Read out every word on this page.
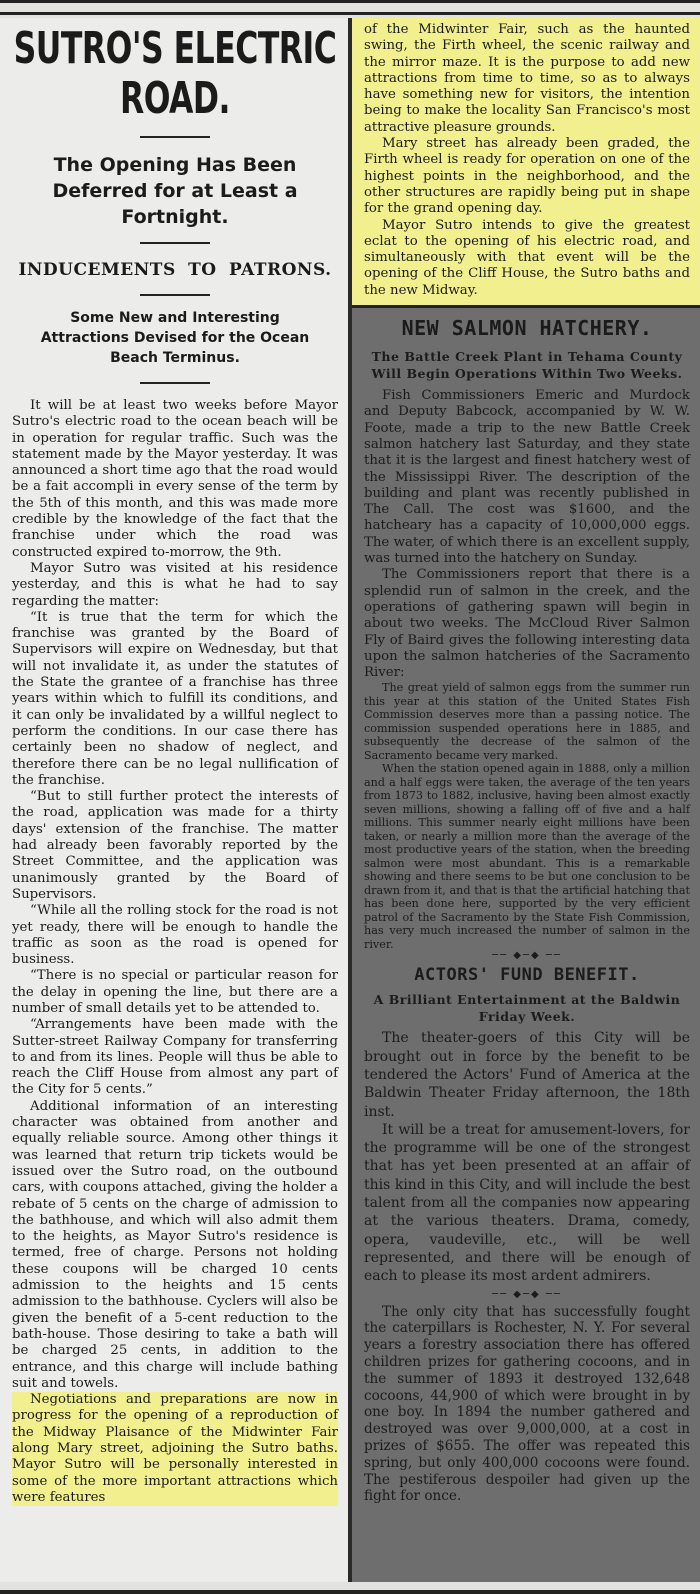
SUTRO'S ELECTRIC ROAD.
The Opening Has Been Deferred for at Least a Fortnight.
INDUCEMENTS TO PATRONS.
Some New and Interesting Attractions Devised for the Ocean Beach Terminus.

It will be at least two weeks before Mayor Sutro's electric road to the ocean beach will be in operation for regular traffic. Such was the statement made by the Mayor yesterday. It was announced a short time ago that the road would be a fait accompli in every sense of the term by the 5th of this month, and this was made more credible by the knowledge of the fact that the franchise under which the road was constructed expired to-morrow, the 9th.

Mayor Sutro was visited at his residence yesterday, and this is what he had to say regarding the matter:

“It is true that the term for which the franchise was granted by the Board of Supervisors will expire on Wednesday, but that will not invalidate it, as under the statutes of the State the grantee of a franchise has three years within which to fulfill its conditions, and it can only be invalidated by a willful neglect to perform the conditions. In our case there has certainly been no shadow of neglect, and therefore there can be no legal nullification of the franchise.

“But to still further protect the interests of the road, application was made for a thirty days' extension of the franchise. The matter had already been favorably reported by the Street Committee, and the application was unanimously granted by the Board of Supervisors.

“While all the rolling stock for the road is not yet ready, there will be enough to handle the traffic as soon as the road is opened for business.

“There is no special or particular reason for the delay in opening the line, but there are a number of small details yet to be attended to.

“Arrangements have been made with the Sutter-street Railway Company for transferring to and from its lines. People will thus be able to reach the Cliff House from almost any part of the City for 5 cents.”

Additional information of an interesting character was obtained from another and equally reliable source. Among other things it was learned that return trip tickets would be issued over the Sutro road, on the outbound cars, with coupons attached, giving the holder a rebate of 5 cents on the charge of admission to the bathhouse, and which will also admit them to the heights, as Mayor Sutro's residence is termed, free of charge. Persons not holding these coupons will be charged 10 cents admission to the heights and 15 cents admission to the bathhouse. Cyclers will also be given the benefit of a 5-cent reduction to the bath-house. Those desiring to take a bath will be charged 25 cents, in addition to the entrance, and this charge will include bathing suit and towels.

Negotiations and preparations are now in progress for the opening of a reproduction of the Midway Plaisance of the Midwinter Fair along Mary street, adjoining the Sutro baths. Mayor Sutro will be personally interested in some of the more important attractions which were features

of the Midwinter Fair, such as the haunted swing, the Firth wheel, the scenic railway and the mirror maze. It is the purpose to add new attractions from time to time, so as to always have something new for visitors, the intention being to make the locality San Francisco's most attractive pleasure grounds.

Mary street has already been graded, the Firth wheel is ready for operation on one of the highest points in the neighborhood, and the other structures are rapidly being put in shape for the grand opening day.

Mayor Sutro intends to give the greatest eclat to the opening of his electric road, and simultaneously with that event will be the opening of the Cliff House, the Sutro baths and the new Midway.

NEW SALMON HATCHERY.
The Battle Creek Plant in Tehama County Will Begin Operations Within Two Weeks.

Fish Commissioners Emeric and Murdock and Deputy Babcock, accompanied by W. W. Foote, made a trip to the new Battle Creek salmon hatchery last Saturday, and they state that it is the largest and finest hatchery west of the Mississippi River. The description of the building and plant was recently published in The Call. The cost was $1600, and the hatcheary has a capacity of 10,000,000 eggs. The water, of which there is an excellent supply, was turned into the hatchery on Sunday.

The Commissioners report that there is a splendid run of salmon in the creek, and the operations of gathering spawn will begin in about two weeks. The McCloud River Salmon Fly of Baird gives the following interesting data upon the salmon hatcheries of the Sacramento River:

The great yield of salmon eggs from the summer run this year at this station of the United States Fish Commission deserves more than a passing notice. The commission suspended operations here in 1885, and subsequently the decrease of the salmon of the Sacramento became very marked.

When the station opened again in 1888, only a million and a half eggs were taken, the average of the ten years from 1873 to 1882, inclusive, having been almost exactly seven millions, showing a falling off of five and a half millions. This summer nearly eight millions have been taken, or nearly a million more than the average of the most productive years of the station, when the breeding salmon were most abundant. This is a remarkable showing and there seems to be but one conclusion to be drawn from it, and that is that the artificial hatching that has been done here, supported by the very efficient patrol of the Sacramento by the State Fish Commission, has very much increased the number of salmon in the river.

── ◆─◆ ──
ACTORS' FUND BENEFIT.
A Brilliant Entertainment at the Baldwin Friday Week.

The theater-goers of this City will be brought out in force by the benefit to be tendered the Actors' Fund of America at the Baldwin Theater Friday afternoon, the 18th inst.

It will be a treat for amusement-lovers, for the programme will be one of the strongest that has yet been presented at an affair of this kind in this City, and will include the best talent from all the companies now appearing at the various theaters. Drama, comedy, opera, vaudeville, etc., will be well represented, and there will be enough of each to please its most ardent admirers.

── ◆─◆ ──

The only city that has successfully fought the caterpillars is Rochester, N. Y. For several years a forestry association there has offered children prizes for gathering cocoons, and in the summer of 1893 it destroyed 132,648 cocoons, 44,900 of which were brought in by one boy. In 1894 the number gathered and destroyed was over 9,000,000, at a cost in prizes of $655. The offer was repeated this spring, but only 400,000 cocoons were found. The pestiferous despoiler had given up the fight for once.
